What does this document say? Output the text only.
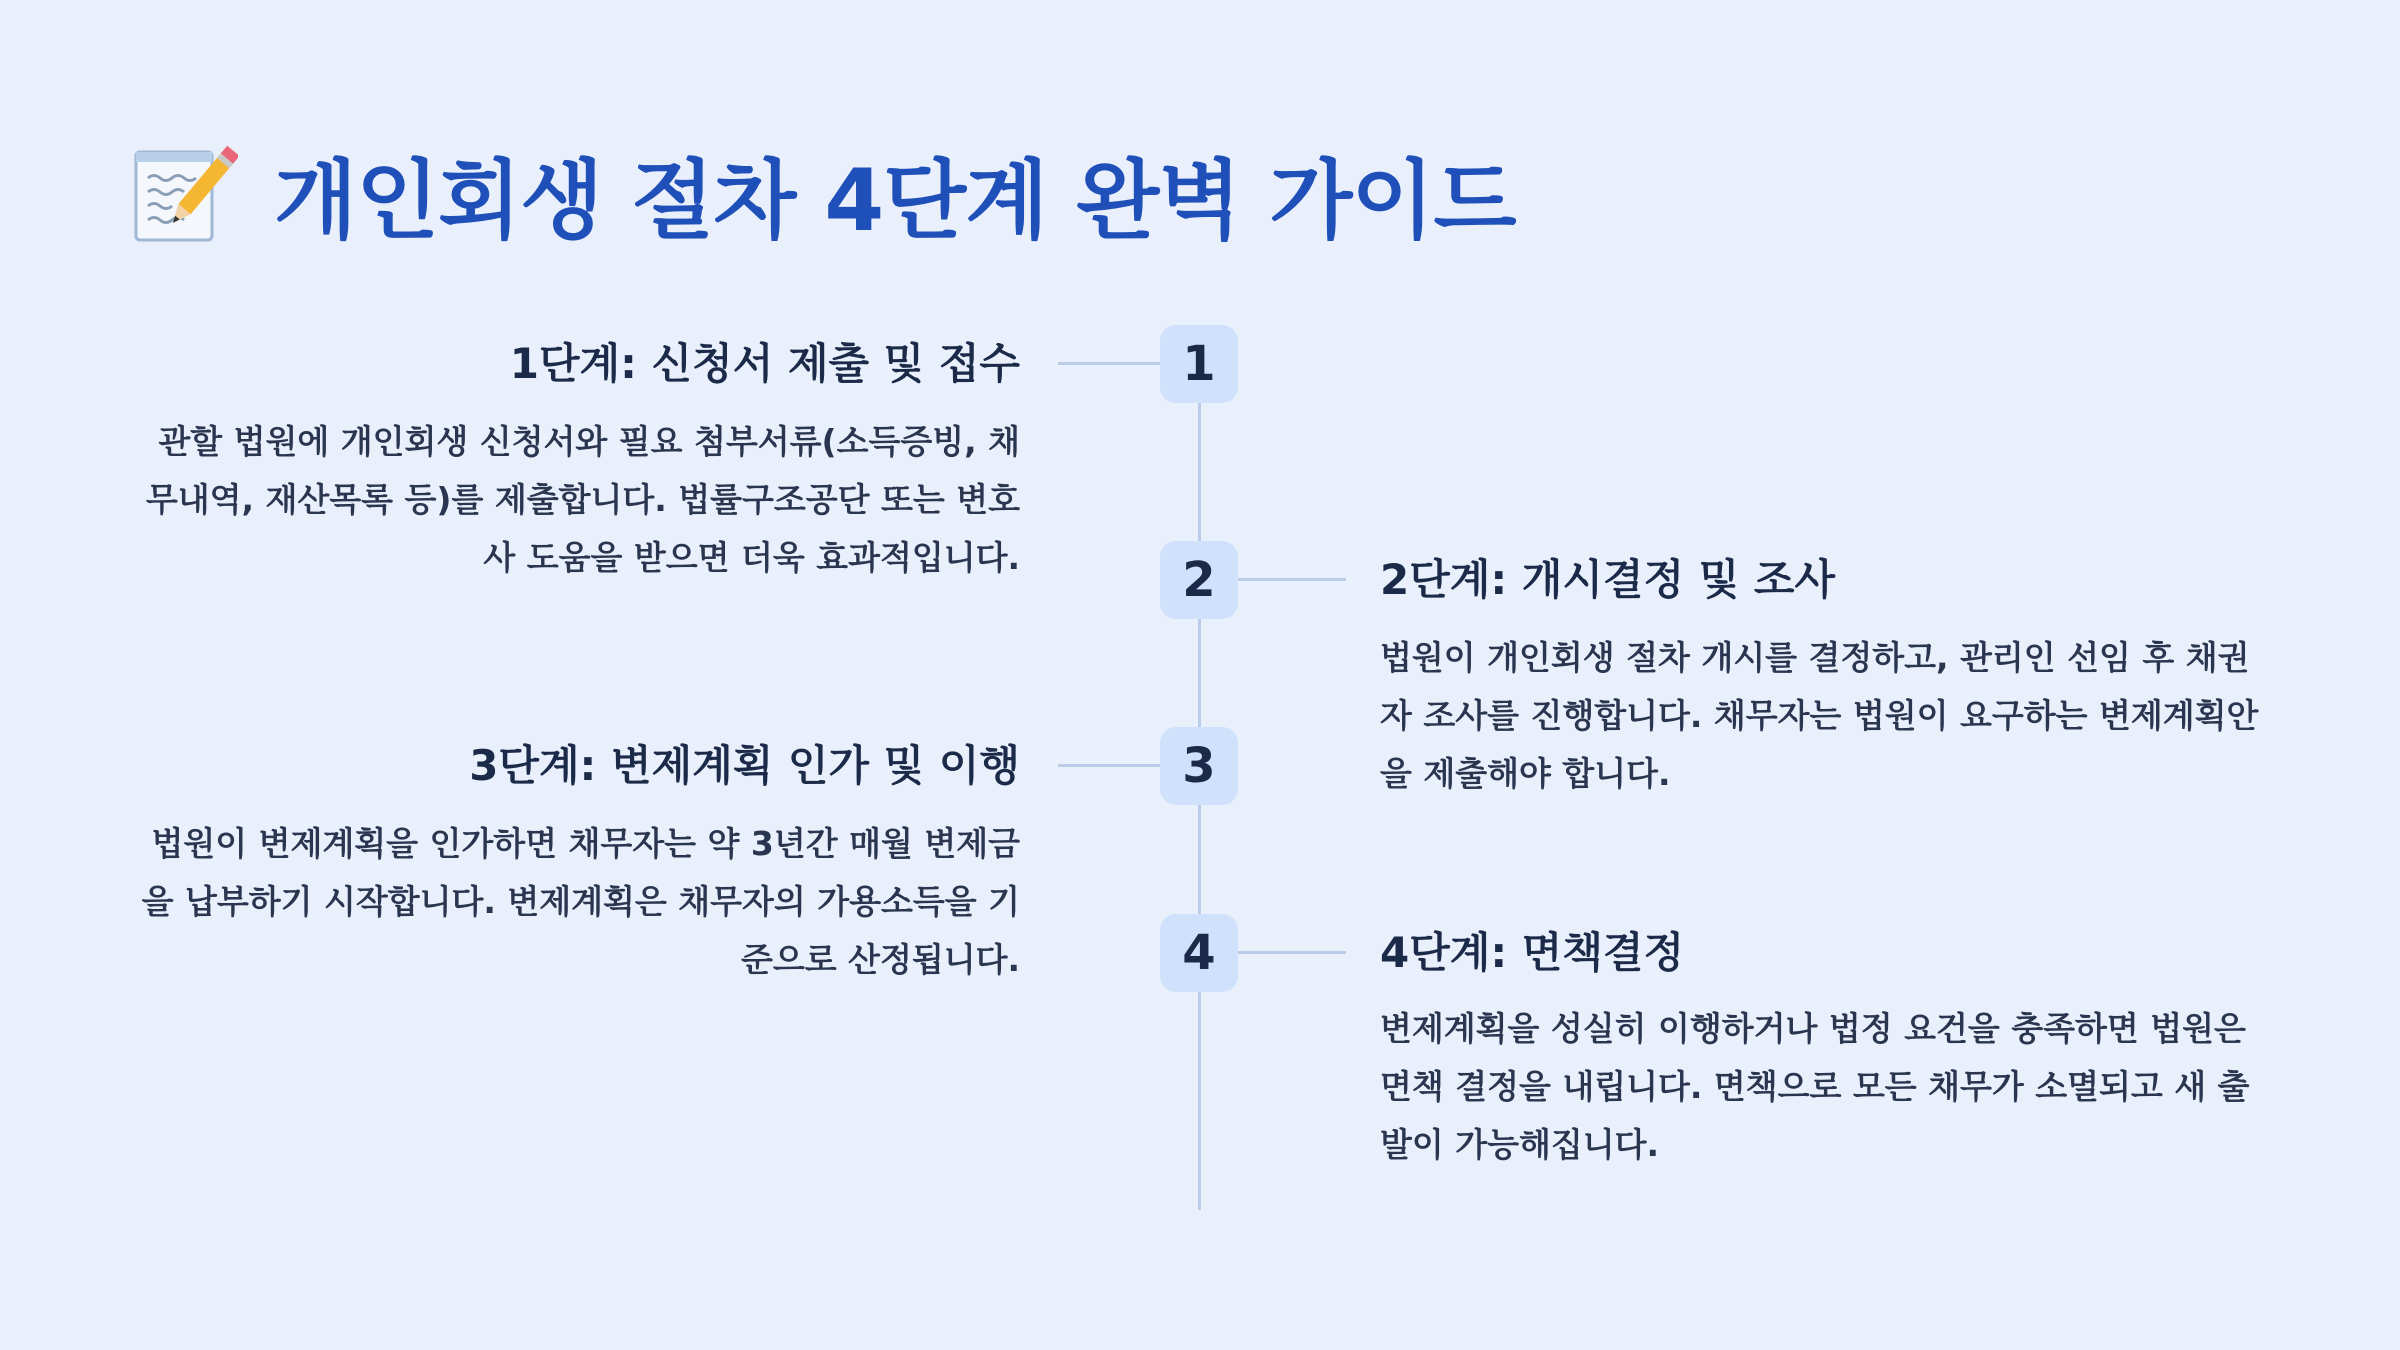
개인회생 절차 4단계 완벽 가이드
1
1단계: 신청서 제출 및 접수
관할 법원에 개인회생 신청서와 필요 첨부서류(소득증빙, 채무내역, 재산목록 등)를 제출합니다. 법률구조공단 또는 변호사 도움을 받으면 더욱 효과적입니다.	2	2단계: 개시결정 및 조사
법원이 개인회생 절차 개시를 결정하고, 관리인 선임 후 채권자 조사를 진행합니다. 채무자는 법원이 요구하는 변제계획안을 제출해야 합니다.
3
3단계: 변제계획 인가 및 이행
법원이 변제계획을 인가하면 채무자는 약 3년간 매월 변제금을 납부하기 시작합니다. 변제계획은 채무자의 가용소득을 기준으로 산정됩니다.	4	4단계: 면책결정
변제계획을 성실히 이행하거나 법정 요건을 충족하면 법원은 면책 결정을 내립니다. 면책으로 모든 채무가 소멸되고 새 출발이 가능해집니다.
